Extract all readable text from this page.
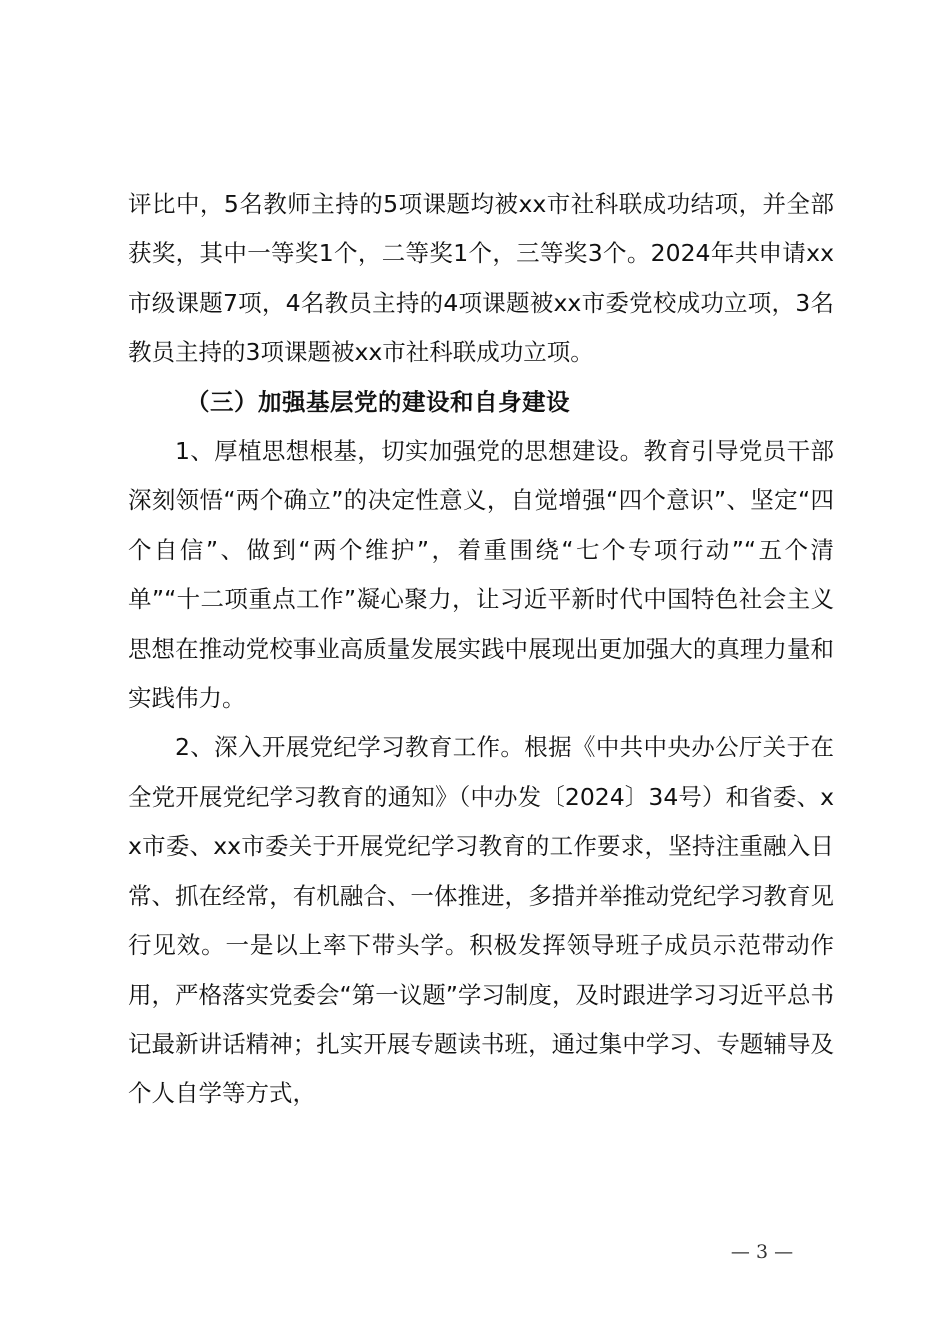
评比中，5名教师主持的5项课题均被xx市社科联成功结项，并全部获奖，其中一等奖1个，二等奖1个，三等奖3个。2024年共申请xx市级课题7项，4名教员主持的4项课题被xx市委党校成功立项，3名教员主持的3项课题被xx市社科联成功立项。

（三）加强基层党的建设和自身建设

1、厚植思想根基，切实加强党的思想建设。教育引导党员干部深刻领悟“两个确立”的决定性意义，自觉增强“四个意识”、坚定“四个自信”、做到“两个维护”，着重围绕“七个专项行动”“五个清单”“十二项重点工作”凝心聚力，让习近平新时代中国特色社会主义思想在推动党校事业高质量发展实践中展现出更加强大的真理力量和实践伟力。

2、深入开展党纪学习教育工作。根据《中共中央办公厅关于在全党开展党纪学习教育的通知》（中办发〔2024〕34号）和省委、xx市委、xx市委关于开展党纪学习教育的工作要求，坚持注重融入日常、抓在经常，有机融合、一体推进，多措并举推动党纪学习教育见行见效。一是以上率下带头学。积极发挥领导班子成员示范带动作用，严格落实党委会“第一议题”学习制度，及时跟进学习习近平总书记最新讲话精神；扎实开展专题读书班，通过集中学习、专题辅导及个人自学等方式，

— 3 —
